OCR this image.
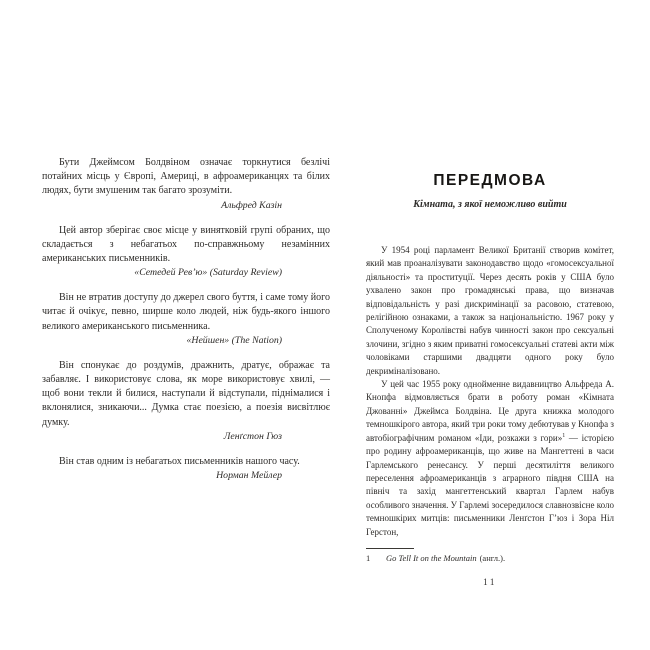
Бути Джеймсом Болдвіном означає торкнутися безлічі потайних місць у Європі, Америці, в афроамериканцях та білих людях, бути змушеним так багато зрозуміти.

Альфред Казін

Цей автор зберігає своє місце у винятковій групі обраних, що складається з небагатьох по-справжньому незамінних американських письменників.

«Сетедей Рев’ю» (Saturday Review)

Він не втратив доступу до джерел свого буття, і саме тому його читає й очікує, певно, ширше коло людей, ніж будь-якого іншого великого американського письменника.

«Нейшен» (The Nation)

Він спонукає до роздумів, дражнить, дратує, ображає та забавляє. І використовує слова, як море використовує хвилі, — щоб вони текли й билися, наступали й відступали, піднімалися і вклонялися, зникаючи... Думка стає поезією, а поезія висвітлює думку.

Ленґстон Гюз

Він став одним із небагатьох письменників нашого часу.

Норман Мейлер

ПЕРЕДМОВА

Кімната, з якої неможливо вийти

У 1954 році парламент Великої Британії створив комітет, який мав проаналізувати законодавство щодо «гомосексуальної діяльності» та проституції. Через десять років у США було ухвалено закон про громадянські права, що визначав відповідальність у разі дискримінації за расовою, статевою, релігійною ознаками, а також за національністю. 1967 року у Сполученому Королівстві набув чинності закон про сексуальні злочини, згідно з яким приватні гомосексуальні статеві акти між чоловіками старшими двадцяти одного року було декриміналізовано.

У цей час 1955 року однойменне видавництво Альфреда А. Кнопфа відмовляється брати в роботу роман «Кімната Джованні» Джеймса Болдвіна. Це друга книжка молодого темношкірого автора, який три роки тому дебютував у Кнопфа з автобіографічним романом «Іди, розкажи з гори»$^1$ — історією про родину афроамериканців, що живе на Мангеттені в часи Гарлемського ренесансу. У перші десятиліття великого переселення афроамериканців з аграрного півдня США на північ та захід мангеттенський квартал Гарлем набув особливого значення. У Гарлемі зосередилося славнозвісне коло темношкірих митців: письменники Ленґстон Г’юз і Зора Ніл Герстон,

1 Go Tell It on the Mountain (англ.).

11
